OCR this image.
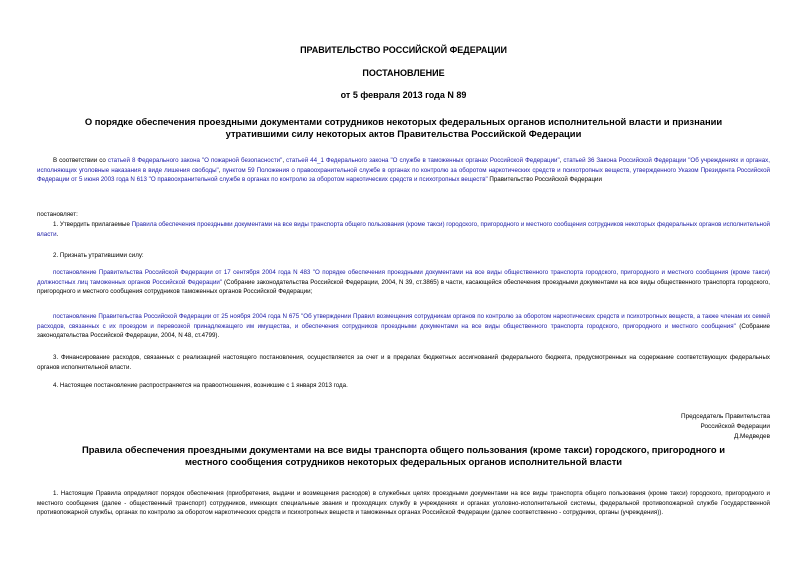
ПРАВИТЕЛЬСТВО РОССИЙСКОЙ ФЕДЕРАЦИИ
ПОСТАНОВЛЕНИЕ
от 5 февраля 2013 года N 89
О порядке обеспечения проездными документами сотрудников некоторых федеральных органов исполнительной власти и признании утратившими силу некоторых актов Правительства Российской Федерации
В соответствии со статьей 8 Федерального закона "О пожарной безопасности", статьей 44_1 Федерального закона "О службе в таможенных органах Российской Федерации", статьей 36 Закона Российской Федерации "Об учреждениях и органах, исполняющих уголовные наказания в виде лишения свободы", пунктом 59 Положения о правоохранительной службе в органах по контролю за оборотом наркотических средств и психотропных веществ, утвержденного Указом Президента Российской Федерации от 5 июня 2003 года N 613 "О правоохранительной службе в органах по контролю за оборотом наркотических средств и психотропных веществ" Правительство Российской Федерации
постановляет:
1. Утвердить прилагаемые Правила обеспечения проездными документами на все виды транспорта общего пользования (кроме такси) городского, пригородного и местного сообщения сотрудников некоторых федеральных органов исполнительной власти.
2. Признать утратившими силу:
постановление Правительства Российской Федерации от 17 сентября 2004 года N 483 "О порядке обеспечения проездными документами на все виды общественного транспорта городского, пригородного и местного сообщения (кроме такси) должностных лиц таможенных органов Российской Федерации" (Собрание законодательства Российской Федерации, 2004, N 39, ст.3865) в части, касающейся обеспечения проездными документами на все виды общественного транспорта городского, пригородного и местного сообщения сотрудников таможенных органов Российской Федерации;
постановление Правительства Российской Федерации от 25 ноября 2004 года N 675 "Об утверждении Правил возмещения сотрудникам органов по контролю за оборотом наркотических средств и психотропных веществ, а также членам их семей расходов, связанных с их проездом и перевозкой принадлежащего им имущества, и обеспечения сотрудников проездными документами на все виды общественного транспорта городского, пригородного и местного сообщения" (Собрание законодательства Российской Федерации, 2004, N 48, ст.4799).
3. Финансирование расходов, связанных с реализацией настоящего постановления, осуществляется за счет и в пределах бюджетных ассигнований федерального бюджета, предусмотренных на содержание соответствующих федеральных органов исполнительной власти.
4. Настоящее постановление распространяется на правоотношения, возникшие с 1 января 2013 года.
Председатель Правительства
Российской Федерации
Д.Медведев
Правила обеспечения проездными документами на все виды транспорта общего пользования (кроме такси) городского, пригородного и местного сообщения сотрудников некоторых федеральных органов исполнительной власти
1. Настоящие Правила определяют порядок обеспечения (приобретения, выдачи и возмещения расходов) в служебных целях проездными документами на все виды транспорта общего пользования (кроме такси) городского, пригородного и местного сообщения (далее - общественный транспорт) сотрудников, имеющих специальные звания и проходящих службу в учреждениях и органах уголовно-исполнительной системы, федеральной противопожарной службе Государственной противопожарной службы, органах по контролю за оборотом наркотических средств и психотропных веществ и таможенных органах Российской Федерации (далее соответственно - сотрудники, органы (учреждения)).
